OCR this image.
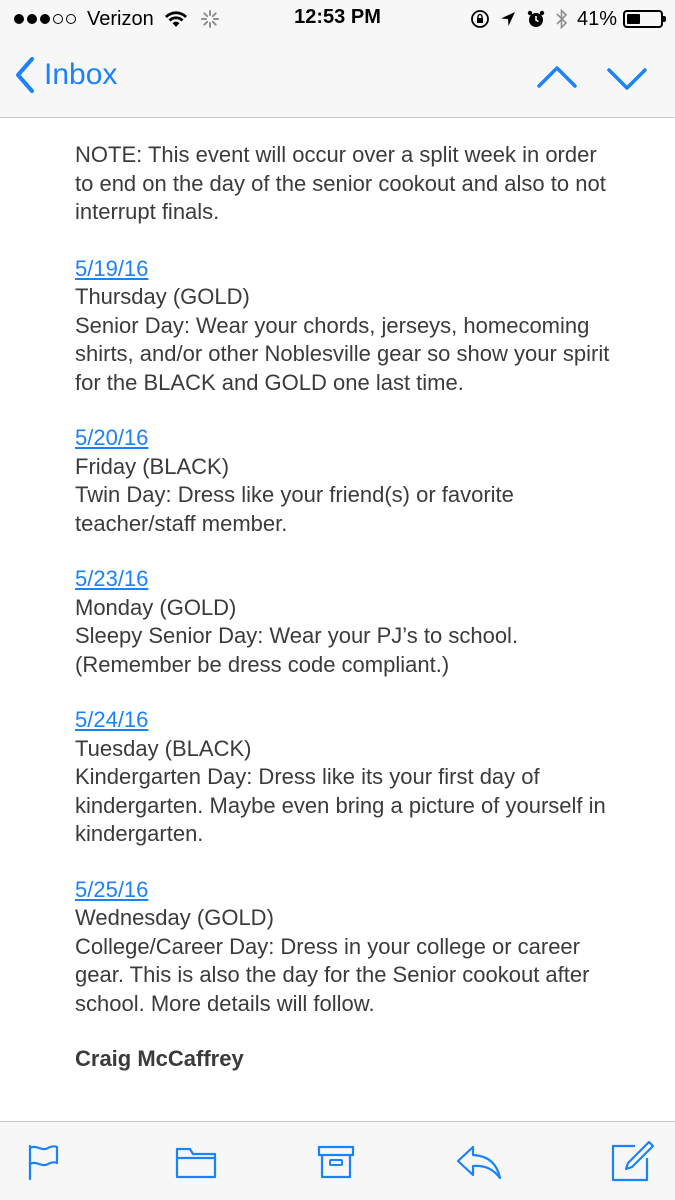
Verizon	12:53 PM	41%
Inbox

NOTE: This event will occur over a split week in order to end on the day of the senior cookout and also to not interrupt finals.

5/19/16
Thursday (GOLD)
Senior Day: Wear your chords, jerseys, homecoming shirts, and/or other Noblesville gear so show your spirit for the BLACK and GOLD one last time.
5/20/16
Friday (BLACK)
Twin Day: Dress like your friend(s) or favorite teacher/staff member.
5/23/16
Monday (GOLD)
Sleepy Senior Day: Wear your PJ’s to school. (Remember be dress code compliant.)
5/24/16
Tuesday (BLACK)
Kindergarten Day: Dress like its your first day of kindergarten. Maybe even bring a picture of yourself in kindergarten.
5/25/16
Wednesday (GOLD)
College/Career Day: Dress in your college or career gear. This is also the day for the Senior cookout after school. More details will follow.

Craig McCaffrey
